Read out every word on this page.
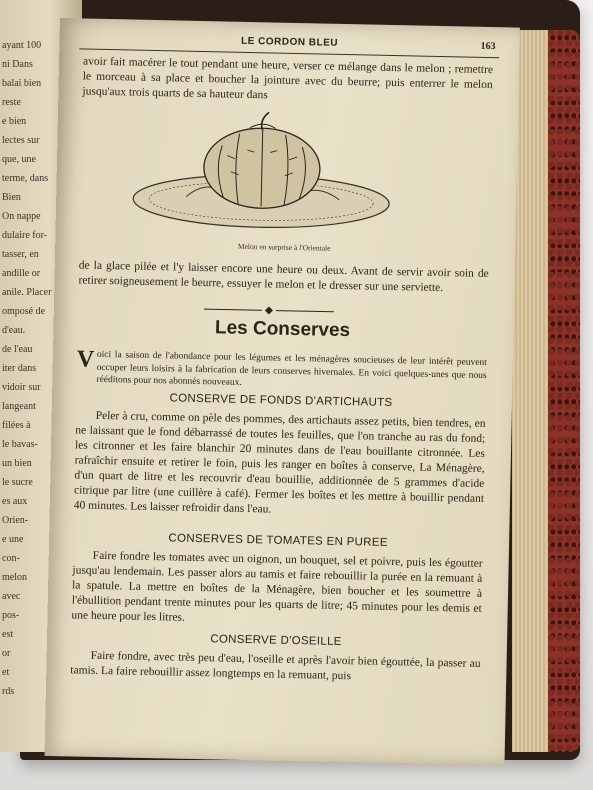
ayant 100
ni Dans
balai bien
reste
e bien
lectes sur
que, une
terme, dans
Bien
On nappe
dulaire for-
tasser, en
andille or
anile. Placer
omposé de
d'eau.
de l'eau
iter dans
vidoir sur
langeant
filées à
le bavas-
un bien
le sucre
es aux
Orien-
e une
con-
melon
avec
pos-
est
or
et
rds
LE CORDON BLEU	163
avoir fait macérer le tout pendant une heure, verser ce mélange dans le melon ; remettre le morceau à sa place et boucher la jointure avec du beurre; puis enterrer le melon jusqu'aux trois quarts de sa hauteur dans
Melon en surprise à l'Orientale
de la glace pilée et l'y laisser encore une heure ou deux. Avant de servir avoir soin de retirer soigneusement le beurre, essuyer le melon et le dresser sur une serviette.
Les Conserves
V oici la saison de l'abondance pour les légumes et les ménagères soucieuses de leur intérêt peuvent occuper leurs loisirs à la fabrication de leurs conserves hivernales. En voici quelques-unes que nous rééditons pour nos abonnés nouveaux.
CONSERVE DE FONDS D'ARTICHAUTS
Peler à cru, comme on pèle des pommes, des artichauts assez petits, bien tendres, en ne laissant que le fond débarrassé de toutes les feuilles, que l'on tranche au ras du fond; les citronner et les faire blanchir 20 minutes dans de l'eau bouillante citronnée. Les rafraîchir ensuite et retirer le foin, puis les ranger en boîtes à conserve, La Ménagère, d'un quart de litre et les recouvrir d'eau bouillie, additionnée de 5 grammes d'acide citrique par litre (une cuillère à café). Fermer les boîtes et les mettre à bouillir pendant 40 minutes. Les laisser refroidir dans l'eau.
CONSERVES DE TOMATES EN PUREE
Faire fondre les tomates avec un oignon, un bouquet, sel et poivre, puis les égoutter jusqu'au lendemain. Les passer alors au tamis et faire rebouillir la purée en la remuant à la spatule. La mettre en boîtes de la Ménagère, bien boucher et les soumettre à l'ébullition pendant trente minutes pour les quarts de litre; 45 minutes pour les demis et une heure pour les litres.
CONSERVE D'OSEILLE
Faire fondre, avec très peu d'eau, l'oseille et après l'avoir bien égouttée, la passer au tamis. La faire rebouillir assez longtemps en la remuant, puis
